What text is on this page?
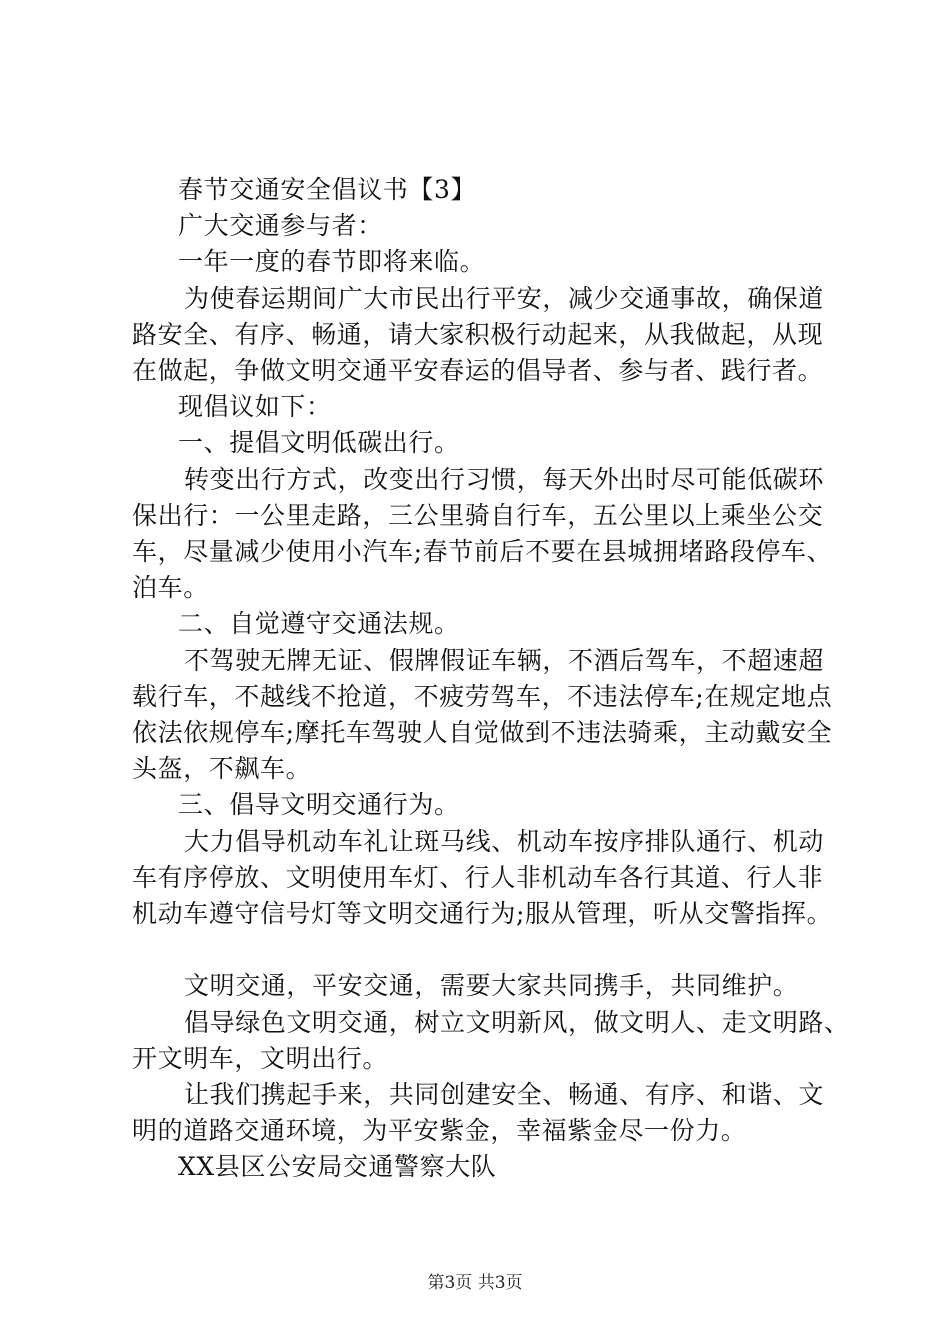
春节交通安全倡议书【3】

广大交通参与者：

一年一度的春节即将来临。

为使春运期间广大市民出行平安，减少交通事故，确保道

路安全、有序、畅通，请大家积极行动起来，从我做起，从现

在做起，争做文明交通平安春运的倡导者、参与者、践行者。

现倡议如下：

一、提倡文明低碳出行。

转变出行方式，改变出行习惯，每天外出时尽可能低碳环

保出行：一公里走路，三公里骑自行车，五公里以上乘坐公交

车，尽量减少使用小汽车;春节前后不要在县城拥堵路段停车、

泊车。

二、自觉遵守交通法规。

不驾驶无牌无证、假牌假证车辆，不酒后驾车，不超速超

载行车，不越线不抢道，不疲劳驾车，不违法停车;在规定地点

依法依规停车;摩托车驾驶人自觉做到不违法骑乘，主动戴安全

头盔，不飙车。

三、倡导文明交通行为。

大力倡导机动车礼让斑马线、机动车按序排队通行、机动

车有序停放、文明使用车灯、行人非机动车各行其道、行人非

机动车遵守信号灯等文明交通行为;服从管理，听从交警指挥。

文明交通，平安交通，需要大家共同携手，共同维护。

倡导绿色文明交通，树立文明新风，做文明人、走文明路、

开文明车，文明出行。

让我们携起手来，共同创建安全、畅通、有序、和谐、文

明的道路交通环境，为平安紫金，幸福紫金尽一份力。

XX县区公安局交通警察大队

第3页 共3页
